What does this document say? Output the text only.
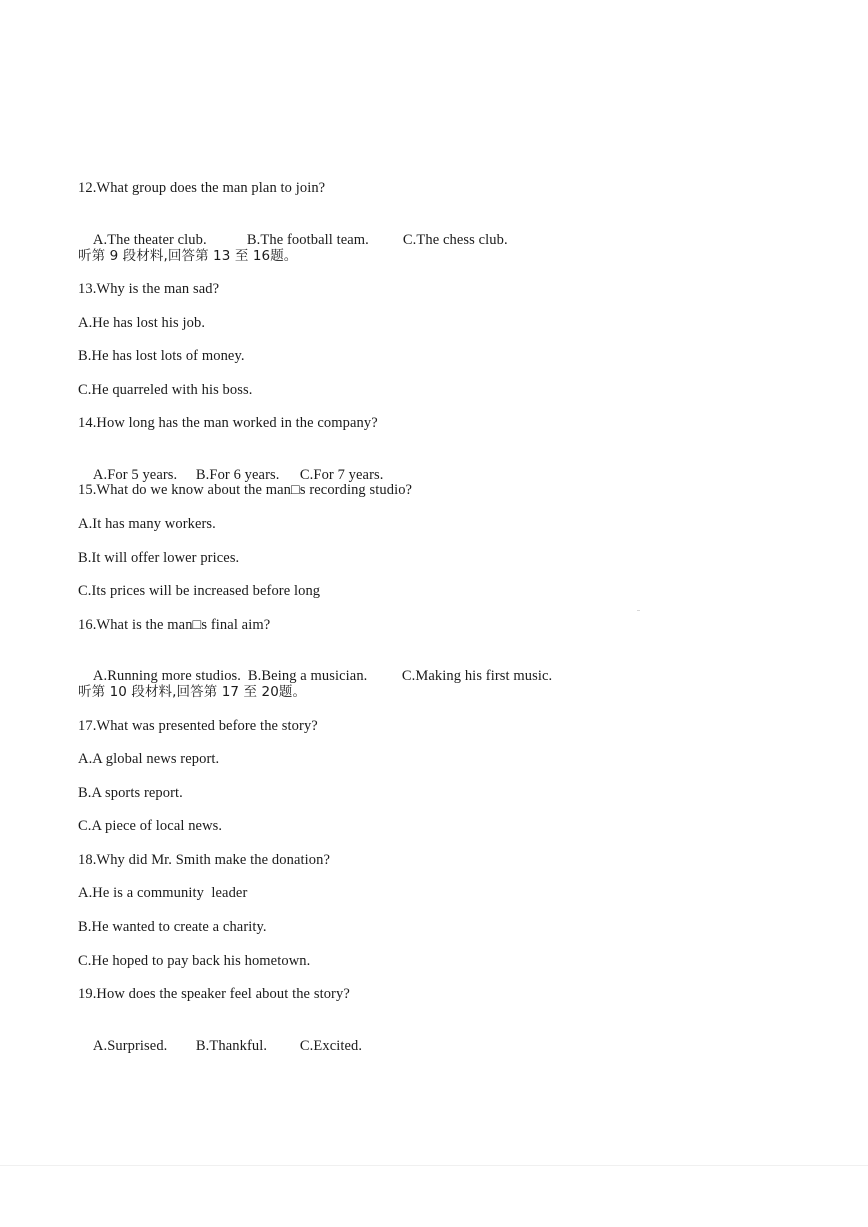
12.What group does the man plan to join?

A.The theater club.	B.The football team. C.The chess club.

听第 9 段材料,回答第 13 至 16题。
13.Why is the man sad?
A.He has lost his job.
B.He has lost lots of money.
C.He quarreled with his boss.
14.How long has the man worked in the company?

A.For 5 years. B.For 6 years. C.For 7 years.

15.What do we know about the man□s recording studio?
A.It has many workers.
B.It will offer lower prices.
C.Its prices will be increased before long
16.What is the man□s final aim?

A.Running more studios. B.Being a musician. C.Making his first music.

听第 10 段材料,回答第 17 至 20题。
17.What was presented before the story?
A.A global news report.
B.A sports report.
C.A piece of local news.
18.Why did Mr. Smith make the donation?
A.He is a community  leader
B.He wanted to create a charity.
C.He hoped to pay back his hometown.
19.How does the speaker feel about the story?

A.Surprised. B.Thankful. C.Excited.
